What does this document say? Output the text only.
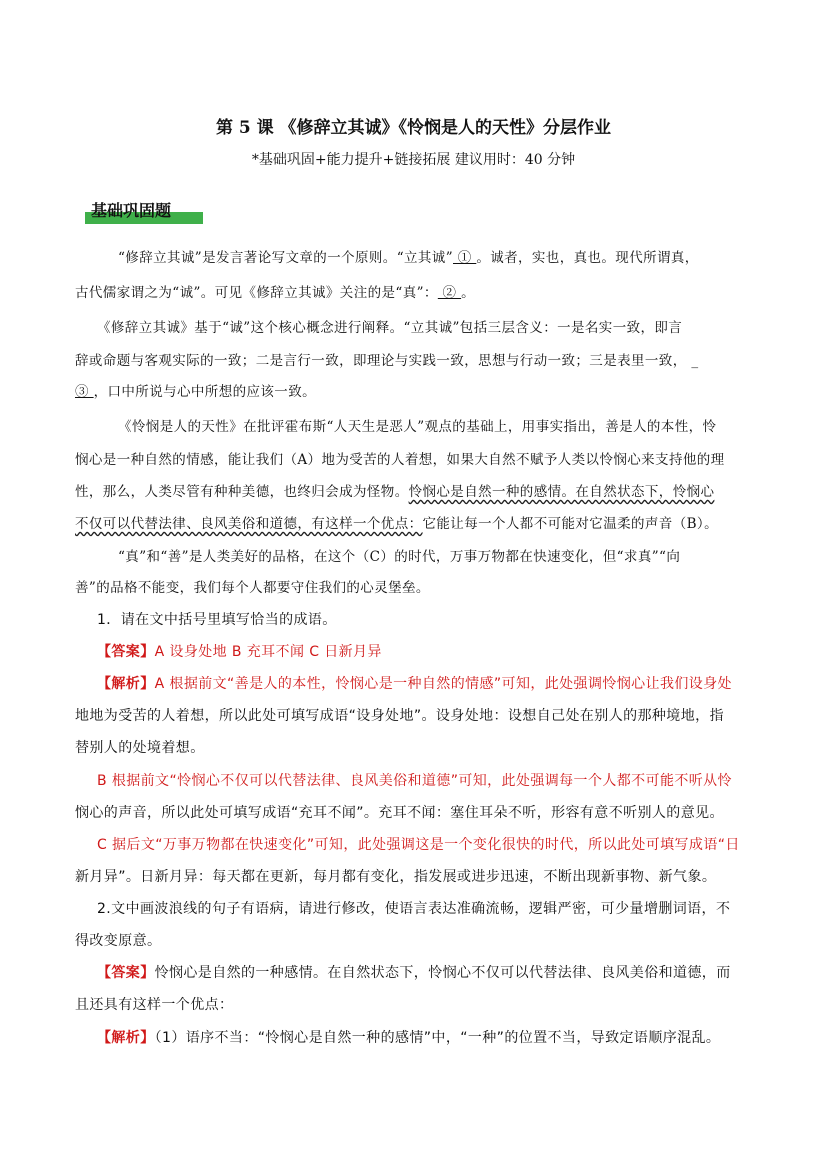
第 5 课 《修辞立其诚》《怜悯是人的天性》分层作业
*基础巩固+能力提升+链接拓展 建议用时：40 分钟
基础巩固题
“修辞立其诚”是发言著论写文章的一个原则。“立其诚” ① 。诚者，实也，真也。现代所谓真，
古代儒家谓之为“诚”。可见《修辞立其诚》关注的是“真”： ② 。
《修辞立其诚》基于“诚”这个核心概念进行阐释。“立其诚”包括三层含义：一是名实一致，即言
辞或命题与客观实际的一致；二是言行一致，即理论与实践一致，思想与行动一致；三是表里一致， _
③ ，口中所说与心中所想的应该一致。
《怜悯是人的天性》在批评霍布斯“人天生是恶人”观点的基础上，用事实指出，善是人的本性，怜
悯心是一种自然的情感，能让我们（A）地为受苦的人着想，如果大自然不赋予人类以怜悯心来支持他的理
性，那么，人类尽管有种种美德，也终归会成为怪物。怜悯心是自然一种的感情。在自然状态下，怜悯心
不仅可以代替法律、良风美俗和道德，有这样一个优点：它能让每一个人都不可能对它温柔的声音（B）。
“真”和“善”是人类美好的品格，在这个（C）的时代，万事万物都在快速变化，但“求真”“向
善”的品格不能变，我们每个人都要守住我们的心灵堡垒。
1．请在文中括号里填写恰当的成语。
【答案】A 设身处地 B 充耳不闻 C 日新月异
【解析】A 根据前文“善是人的本性，怜悯心是一种自然的情感”可知，此处强调怜悯心让我们设身处
地地为受苦的人着想，所以此处可填写成语“设身处地”。设身处地：设想自己处在别人的那种境地，指
替别人的处境着想。
B 根据前文“怜悯心不仅可以代替法律、良风美俗和道德”可知，此处强调每一个人都不可能不听从怜
悯心的声音，所以此处可填写成语“充耳不闻”。充耳不闻：塞住耳朵不听，形容有意不听别人的意见。
C 据后文“万事万物都在快速变化”可知，此处强调这是一个变化很快的时代，所以此处可填写成语“日
新月异”。日新月异：每天都在更新，每月都有变化，指发展或进步迅速，不断出现新事物、新气象。
2.文中画波浪线的句子有语病，请进行修改，使语言表达准确流畅，逻辑严密，可少量增删词语，不
得改变原意。
【答案】怜悯心是自然的一种感情。在自然状态下，怜悯心不仅可以代替法律、良风美俗和道德，而
且还具有这样一个优点：
【解析】（1）语序不当：“怜悯心是自然一种的感情”中，“一种”的位置不当，导致定语顺序混乱。
